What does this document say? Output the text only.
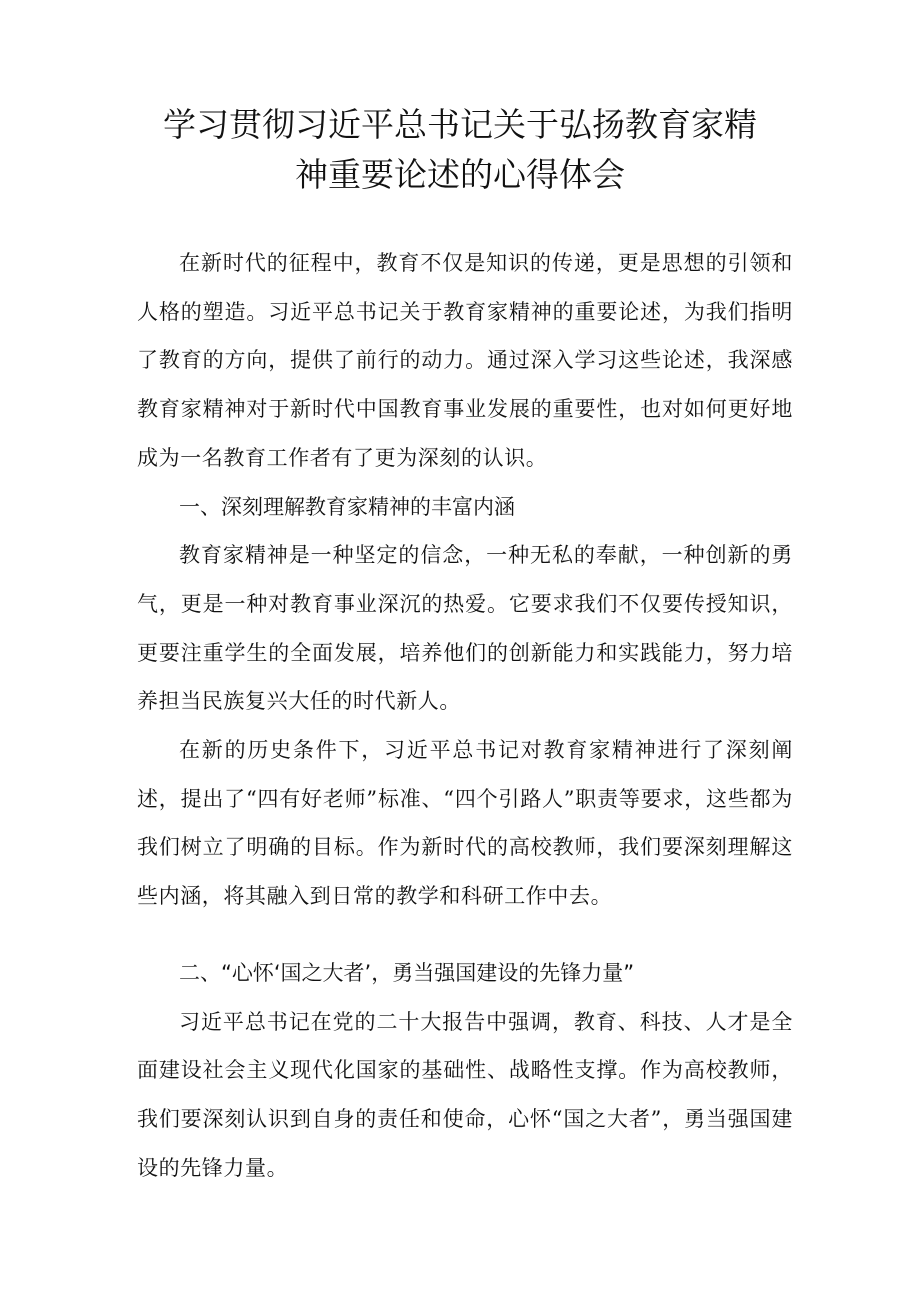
学习贯彻习近平总书记关于弘扬教育家精
神重要论述的心得体会

在新时代的征程中，教育不仅是知识的传递，更是思想的引领和人格的塑造。习近平总书记关于教育家精神的重要论述，为我们指明了教育的方向，提供了前行的动力。通过深入学习这些论述，我深感教育家精神对于新时代中国教育事业发展的重要性，也对如何更好地成为一名教育工作者有了更为深刻的认识。

一、深刻理解教育家精神的丰富内涵

教育家精神是一种坚定的信念，一种无私的奉献，一种创新的勇气，更是一种对教育事业深沉的热爱。它要求我们不仅要传授知识，更要注重学生的全面发展，培养他们的创新能力和实践能力，努力培养担当民族复兴大任的时代新人。

在新的历史条件下，习近平总书记对教育家精神进行了深刻阐述，提出了“四有好老师”标准、“四个引路人”职责等要求，这些都为我们树立了明确的目标。作为新时代的高校教师，我们要深刻理解这些内涵，将其融入到日常的教学和科研工作中去。

二、“心怀‘国之大者’，勇当强国建设的先锋力量”

习近平总书记在党的二十大报告中强调，教育、科技、人才是全面建设社会主义现代化国家的基础性、战略性支撑。作为高校教师，我们要深刻认识到自身的责任和使命，心怀“国之大者”，勇当强国建设的先锋力量。
